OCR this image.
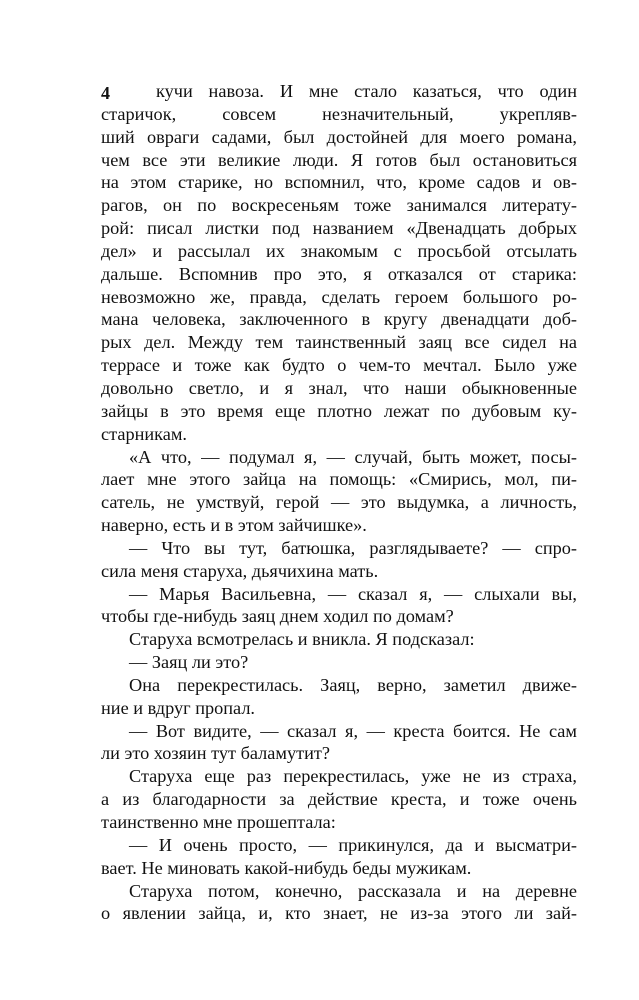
4	кучи навоза. И мне стало казаться, что один
старичок, совсем незначительный, укрепляв-
ший овраги садами, был достойней для моего романа,
чем все эти великие люди. Я готов был остановиться
на этом старике, но вспомнил, что, кроме садов и ов-
рагов, он по воскресеньям тоже занимался литерату-
рой: писал листки под названием «Двенадцать добрых
дел» и рассылал их знакомым с просьбой отсылать
дальше. Вспомнив про это, я отказался от старика:
невозможно же, правда, сделать героем большого ро-
мана человека, заключенного в кругу двенадцати доб-
рых дел. Между тем таинственный заяц все сидел на
террасе и тоже как будто о чем-то мечтал. Было уже
довольно светло, и я знал, что наши обыкновенные
зайцы в это время еще плотно лежат по дубовым ку-
старникам.
«А что, — подумал я, — случай, быть может, посы-
лает мне этого зайца на помощь: «Смирись, мол, пи-
сатель, не умствуй, герой — это выдумка, а личность,
наверно, есть и в этом зайчишке».
— Что вы тут, батюшка, разглядываете? — спро-
сила меня старуха, дьячихина мать.
— Марья Васильевна, — сказал я, — слыхали вы,
чтобы где-нибудь заяц днем ходил по домам?
Старуха всмотрелась и вникла. Я подсказал:
— Заяц ли это?
Она перекрестилась. Заяц, верно, заметил движе-
ние и вдруг пропал.
— Вот видите, — сказал я, — креста боится. Не сам
ли это хозяин тут баламутит?
Старуха еще раз перекрестилась, уже не из страха,
а из благодарности за действие креста, и тоже очень
таинственно мне прошептала:
— И очень просто, — прикинулся, да и высматри-
вает. Не миновать какой-нибудь беды мужикам.
Старуха потом, конечно, рассказала и на деревне
о явлении зайца, и, кто знает, не из-за этого ли зай-
